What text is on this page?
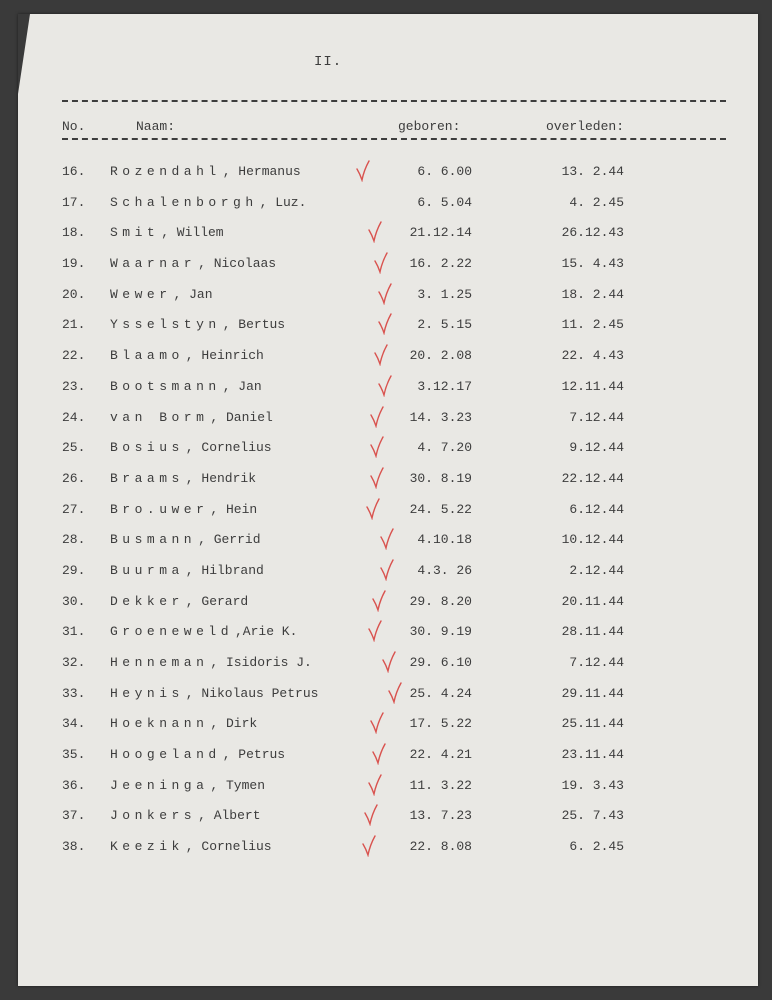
II.
No.	Naam:	geboren:	overleden:
16. Rozendahl , Hermanus	6. 6.00	13. 2.44
17. Schalenborgh , Luz.	6. 5.04	4. 2.45
18. Smit , Willem	21.12.14	26.12.43
19. Waarnar , Nicolaas	16. 2.22	15. 4.43
20. Wewer , Jan	3. 1.25	18. 2.44
21. Ysselstyn , Bertus	2. 5.15	11. 2.45
22. Blaamo , Heinrich	20. 2.08	22. 4.43
23. Bootsmann , Jan	3.12.17	12.11.44
24. van Borm , Daniel	14. 3.23	7.12.44
25. Bosius , Cornelius	4. 7.20	9.12.44
26. Braams , Hendrik	30. 8.19	22.12.44
27. Bro.uwer , Hein	24. 5.22	6.12.44
28. Busmann , Gerrid	4.10.18	10.12.44
29. Buurma , Hilbrand	4.3. 26	2.12.44
30. Dekker , Gerard	29. 8.20	20.11.44
31. Groeneweld ,Arie K.	30. 9.19	28.11.44
32. Henneman , Isidoris J.	29. 6.10	7.12.44
33. Heynis , Nikolaus Petrus	25. 4.24	29.11.44
34. Hoeknann , Dirk	17. 5.22	25.11.44
35. Hoogeland , Petrus	22. 4.21	23.11.44
36. Jeeninga , Tymen	11. 3.22	19. 3.43
37. Jonkers , Albert	13. 7.23	25. 7.43
38. Keezik , Cornelius	22. 8.08	6. 2.45
